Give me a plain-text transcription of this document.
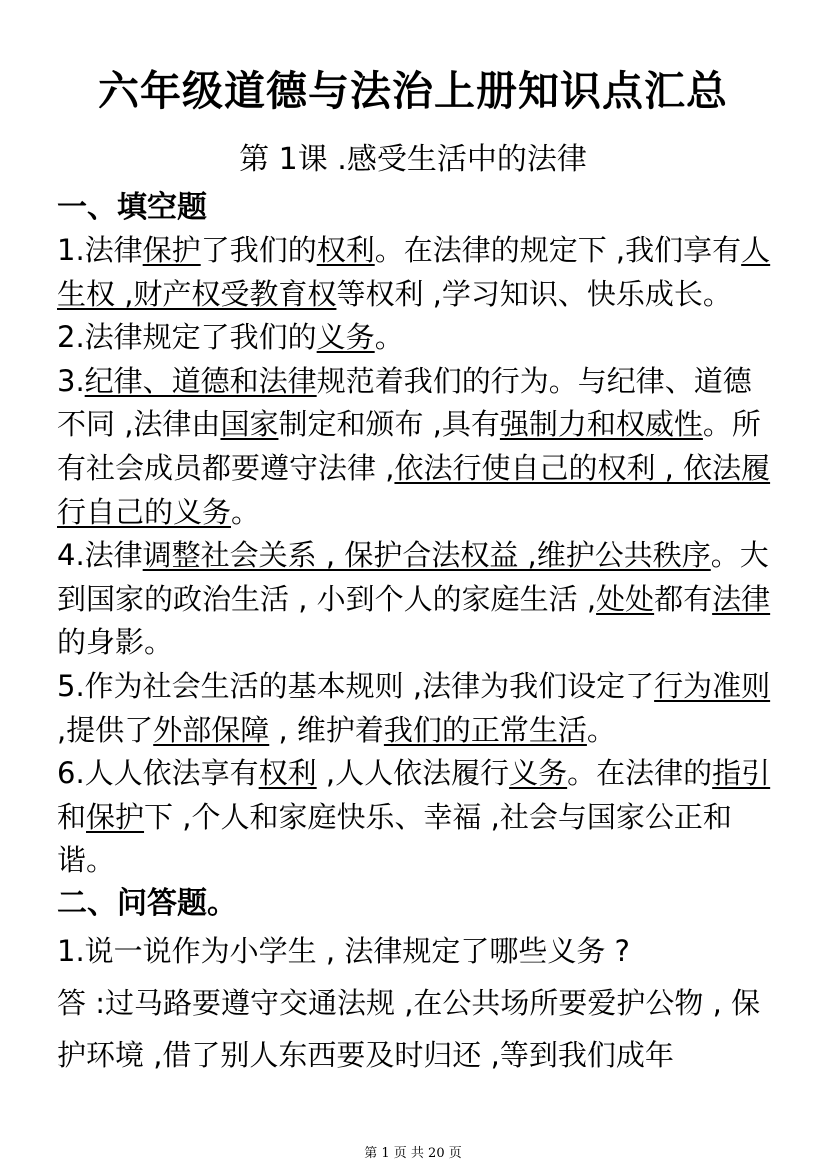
六年级道德与法治上册知识点汇总
第 1课 .感受生活中的法律
一、填空题
1.法律保护了我们的权利。在法律的规定下 ,我们享有人生权 ,财产权受教育权等权利 ,学习知识、快乐成长。
2.法律规定了我们的义务。
3.纪律、道德和法律规范着我们的行为。与纪律、道德不同 ,法律由国家制定和颁布 ,具有强制力和权威性。所有社会成员都要遵守法律 ,依法行使自己的权利 , 依法履行自己的义务。
4.法律调整社会关系 , 保护合法权益 ,维护公共秩序。大到国家的政治生活 , 小到个人的家庭生活 ,处处都有法律的身影。
5.作为社会生活的基本规则 ,法律为我们设定了行为准则 ,提供了外部保障 , 维护着我们的正常生活。
6.人人依法享有权利 ,人人依法履行义务。在法律的指引和保护下 ,个人和家庭快乐、幸福 ,社会与国家公正和谐。
二、问答题。
1.说一说作为小学生 , 法律规定了哪些义务 ?
答 :过马路要遵守交通法规 ,在公共场所要爱护公物 , 保护环境 ,借了别人东西要及时归还 ,等到我们成年
第 1 页 共 20 页
